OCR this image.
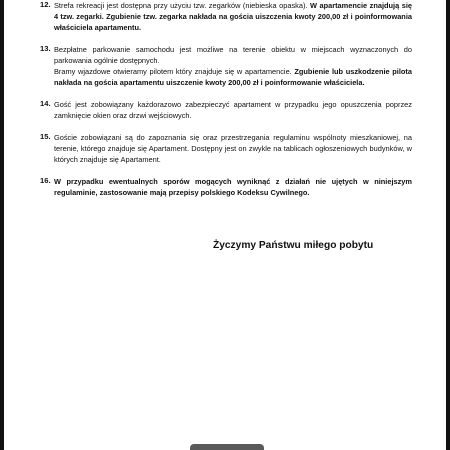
12. Strefa rekreacji jest dostępna przy użyciu tzw. zegarków (niebieska opaska). W apartamencie znajdują się 4 tzw. zegarki. Zgubienie tzw. zegarka nakłada na gościa uiszczenia kwoty 200,00 zł i poinformowania właściciela apartamentu.
13. Bezpłatne parkowanie samochodu jest możliwe na terenie obiektu w miejscach wyznaczonych do parkowania ogólnie dostępnych.
Bramy wjazdowe otwieramy pilotem który znajduje się w apartamencie. Zgubienie lub uszkodzenie pilota nakłada na gościa apartamentu uiszczenie kwoty 200,00 zł i poinformowanie właściciela.
14. Gość jest zobowiązany każdorazowo zabezpieczyć apartament w przypadku jego opuszczenia poprzez zamknięcie okien oraz drzwi wejściowych.
15. Goście zobowiązani są do zapoznania się oraz przestrzegania regulaminu wspólnoty mieszkaniowej, na terenie, którego znajduje się Apartament. Dostępny jest on zwykle na tablicach ogłoszeniowych budynków, w których znajduje się Apartament.
16. W przypadku ewentualnych sporów mogących wyniknąć z działań nie ujętych w niniejszym regulaminie, zastosowanie mają przepisy polskiego Kodeksu Cywilnego.
Życzymy Państwu miłego pobytu
